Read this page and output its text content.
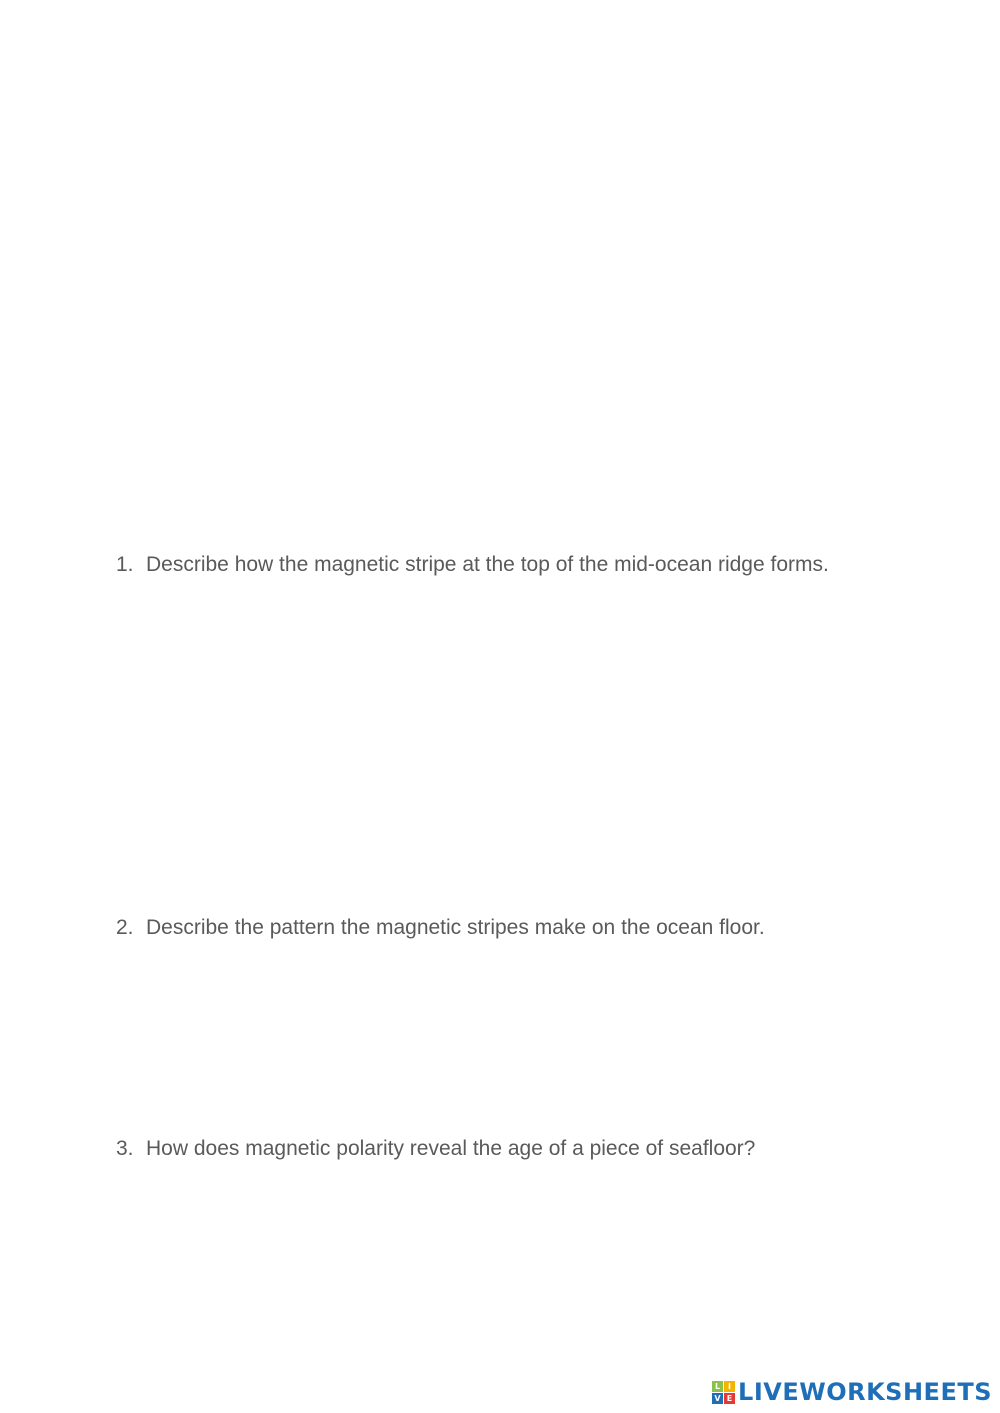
1. Describe how the magnetic stripe at the top of the mid-ocean ridge forms.
2. Describe the pattern the magnetic stripes make on the ocean floor.
3. How does magnetic polarity reveal the age of a piece of seafloor?
L I
V E LIVEWORKSHEETS
